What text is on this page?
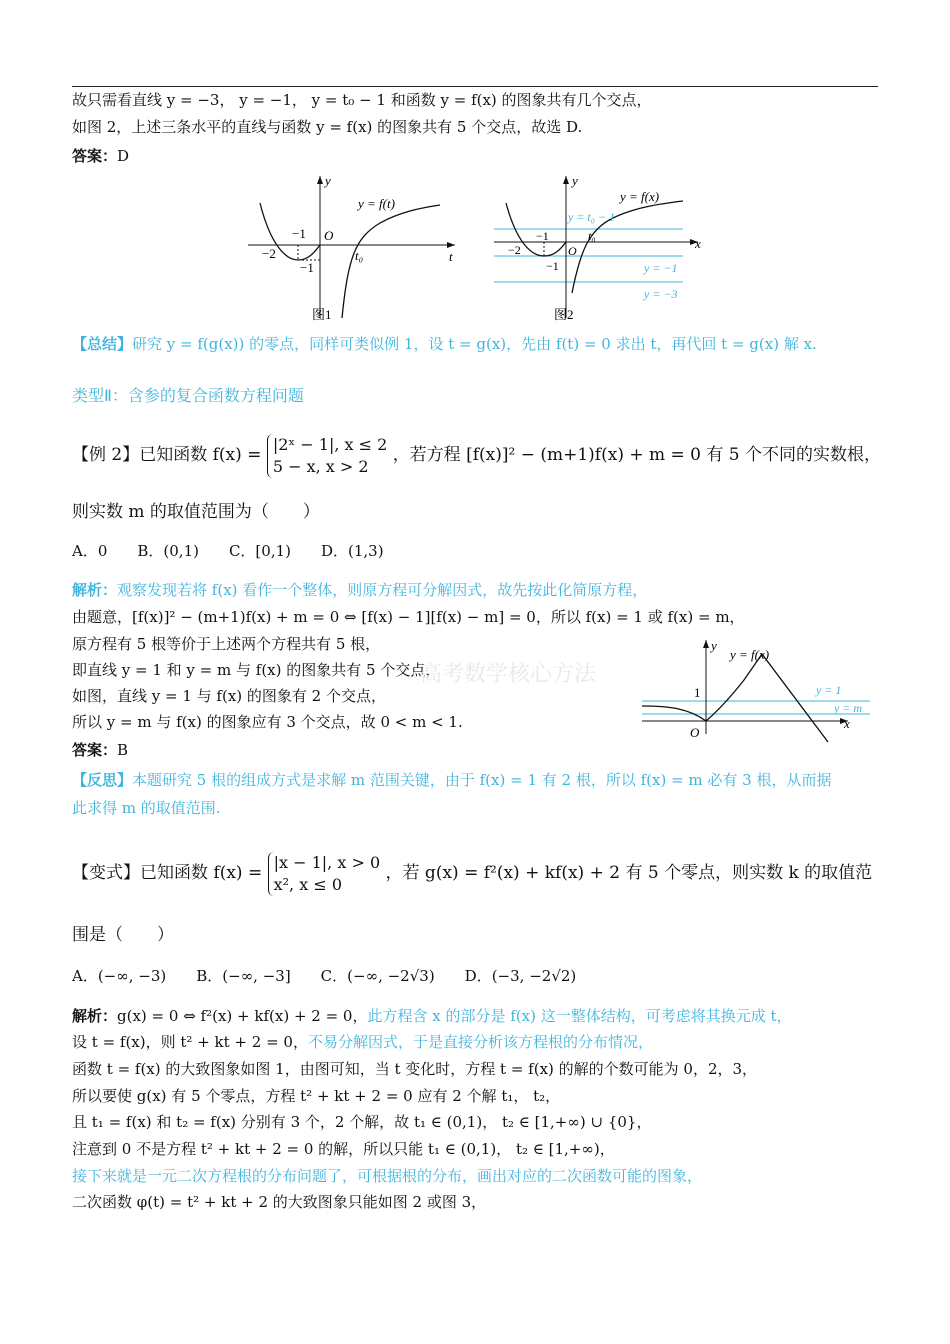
故只需看直线 y = −3， y = −1， y = t₀ − 1 和函数 y = f(x) 的图象共有几个交点，
如图 2，上述三条水平的直线与函数 y = f(x) 的图象共有 5 个交点，故选 D.
答案：D
y
t
O
−1
−2
−1
t₀
y = f(t)
图1
y
x
O
−1
−2
−1
t₀
y = f(x)
y = t₀ − 1
y = −1
y = −3
图2
【总结】研究 y = f(g(x)) 的零点，同样可类似例 1，设 t = g(x)，先由 f(t) = 0 求出 t，再代回 t = g(x) 解 x.
类型Ⅱ：含参的复合函数方程问题
【例 2】已知函数 f(x) =
|2ˣ − 1|, x ≤ 2
5 − x, x > 2
，若方程 [f(x)]² − (m+1)f(x) + m = 0 有 5 个不同的实数根，
则实数 m 的取值范围为（　　）
A．0　　B．(0,1)　　C．[0,1)　　D．(1,3)
解析：观察发现若将 f(x) 看作一个整体，则原方程可分解因式，故先按此化简原方程，
由题意，[f(x)]² − (m+1)f(x) + m = 0 ⇔ [f(x) − 1][f(x) − m] = 0，所以 f(x) = 1 或 f(x) = m，
原方程有 5 根等价于上述两个方程共有 5 根，
即直线 y = 1 和 y = m 与 f(x) 的图象共有 5 个交点，
如图，直线 y = 1 与 f(x) 的图象有 2 个交点，
所以 y = m 与 f(x) 的图象应有 3 个交点，故 0 < m < 1.
答案：B
高考数学核心方法
y
x
O
1
y = f(x)
y = 1
y = m
【反思】本题研究 5 根的组成方式是求解 m 范围关键，由于 f(x) = 1 有 2 根，所以 f(x) = m 必有 3 根，从而据
此求得 m 的取值范围.
【变式】已知函数 f(x) =
|x − 1|, x > 0
x², x ≤ 0
，若 g(x) = f²(x) + kf(x) + 2 有 5 个零点，则实数 k 的取值范
围是（　　）
A．(−∞, −3)　　B．(−∞, −3]　　C．(−∞, −2√3)　　D．(−3, −2√2)
解析：g(x) = 0 ⇔ f²(x) + kf(x) + 2 = 0，此方程含 x 的部分是 f(x) 这一整体结构，可考虑将其换元成 t，
设 t = f(x)，则 t² + kt + 2 = 0，不易分解因式，于是直接分析该方程根的分布情况，
函数 t = f(x) 的大致图象如图 1，由图可知，当 t 变化时，方程 t = f(x) 的解的个数可能为 0，2，3，
所以要使 g(x) 有 5 个零点，方程 t² + kt + 2 = 0 应有 2 个解 t₁， t₂，
且 t₁ = f(x) 和 t₂ = f(x) 分别有 3 个，2 个解，故 t₁ ∈ (0,1)， t₂ ∈ [1,+∞) ∪ {0}，
注意到 0 不是方程 t² + kt + 2 = 0 的解，所以只能 t₁ ∈ (0,1)， t₂ ∈ [1,+∞)，
接下来就是一元二次方程根的分布问题了，可根据根的分布，画出对应的二次函数可能的图象，
二次函数 φ(t) = t² + kt + 2 的大致图象只能如图 2 或图 3，
